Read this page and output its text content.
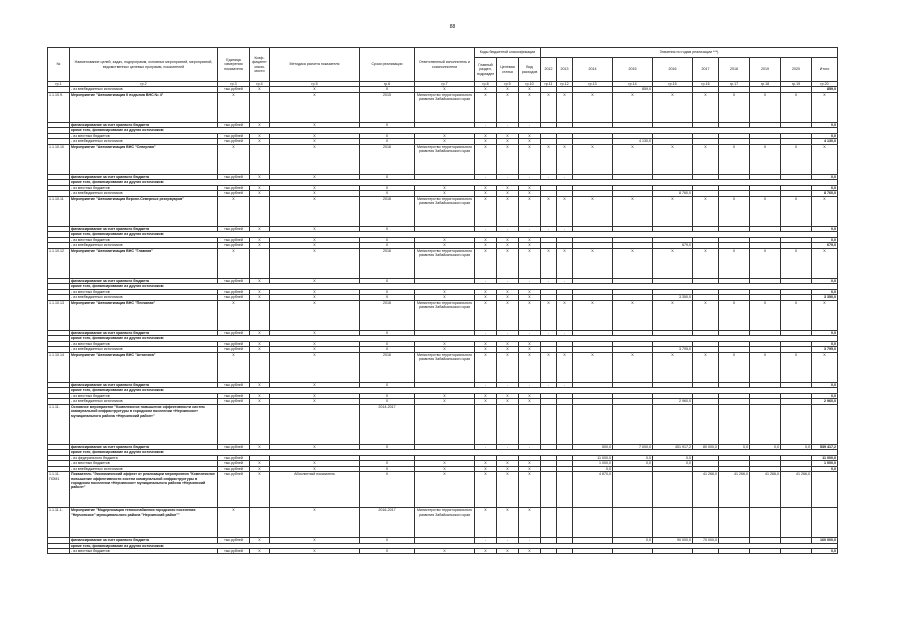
88
№	Наименование целей, задач, подпрограмм, основных мероприятий, мероприятий, ведомственных целевых программ, показателей	Единица измерения показателя	Коэф-фициент значи-мости	Методика расчета показателя	Сроки реализации	Ответственный исполнитель и соисполнители	Коды бюджетной классификации			Значения по годам реализации ***)									
							Главный раздел, подраздел	Целевая статья	Вид расходов	2012	2013	2014	2015	2016	2017	2018	2019	2020	Итого
гр.1	гр.2	гр.3	гр.4	гр.5	гр.6	гр.7	гр.8	гр.9	гр.10	гр.11	гр.12	гр.13	гр.14	гр.15	гр.16	гр.17	гр.18	гр.19	гр.20
	- из внебюджетных источников	тыс.рублей	Х	Х	Х	Х	Х	Х	Х				859,0						859,0
1.1.10.9.	Мероприятие "Автоматизация II подъема ВНС № 4"	Х		Х	2015	Министерство территориального развития Забайкальского края	Х	Х	Х	Х	Х	Х	Х	Х	Х	Х	Х	Х	Х
	финансирование за счет краевого бюджета	тыс.рублей	Х	Х	Х		-	-	-										0,0
	кроме того, финансирование из других источников:																		
	- из местных бюджетов	тыс.рублей	Х	Х	Х	Х	Х	Х	Х										0,0
	- из внебюджетных источников	тыс.рублей	Х	Х	Х	Х	Х	Х	Х				4 130,0						4 130,0
1.1.10.10	Мероприятие "Автоматизация ВНС "Северная"	Х		Х	2016	Министерство территориального развития Забайкальского края	Х	Х	Х	Х	Х	Х	Х	Х	Х	Х	Х	Х	Х
	финансирование за счет краевого бюджета	тыс.рублей	Х	Х	Х		-	-	-	-	-								0,0
	кроме того, финансирование из других источников:																		
	- из местных бюджетов	тыс.рублей	Х	Х	Х	Х	Х	Х	Х										0,0
	- из внебюджетных источников	тыс.рублей	Х	Х	Х	Х	Х	Х	Х					8 760,0					8 760,0
1.1.10.11	Мероприятие "Автоматизация Верхне-Северных резервуаров"	Х		Х	2016	Министерство территориального развития Забайкальского края	Х	Х	Х	Х	Х	Х	Х	Х	Х	Х	Х	Х	Х
	финансирование за счет краевого бюджета	тыс.рублей	Х	Х	Х		-	-	-	-	-								0,0
	кроме того, финансирование из других источников:																		
	- из местных бюджетов	тыс.рублей	Х	Х	Х	Х	Х	Х	Х										0,0
	- из внебюджетных источников	тыс.рублей	Х	Х	Х	Х	Х	Х	Х					679,0					679,0
1.1.10.12	Мероприятие "Автоматизация ВНС "Главная"	Х		Х	2016	Министерство территориального развития Забайкальского края	Х	Х	Х	Х	Х	Х	Х	Х	Х	Х	Х	Х	Х
	финансирование за счет краевого бюджета	тыс.рублей	Х	Х	Х		-	-	-	-	-								0,0
	кроме того, финансирование из других источников:																		
	- из местных бюджетов	тыс.рублей	Х	Х	Х	Х	Х	Х	Х										0,0
	- из внебюджетных источников	тыс.рублей	Х	Х	Х	Х	Х	Х	Х					3 350,0					3 350,0
1.1.10.13	Мероприятие "Автоматизация ВНС "Песчаная"	Х		Х	2016	Министерство территориального развития Забайкальского края	Х	Х	Х	Х	Х	Х	Х	Х	Х	Х	Х	Х	Х
	финансирование за счет краевого бюджета	тыс.рублей	Х	Х	Х		-	-	-	-	-								0,0
	кроме того, финансирование из других источников:																		
	- из местных бюджетов	тыс.рублей	Х	Х	Х	Х	Х	Х	Х										0,0
	- из внебюджетных источников	тыс.рублей	Х	Х	Х	Х	Х	Х	Х					3 795,0					3 795,0
1.1.10.14	Мероприятие "Автоматизация ВНС "Антипиха"	Х		Х	2016	Министерство территориального развития Забайкальского края	Х	Х	Х	Х	Х	Х	Х	Х	Х	Х	Х	Х	Х
	финансирование за счет краевого бюджета	тыс.рублей	Х	Х	Х		-	-	-	-	-								0,0
	кроме того, финансирование из других источников:																		
	- из местных бюджетов	тыс.рублей	Х	Х	Х	Х	Х	Х	Х										0,0
	- из внебюджетных источников	тыс.рублей	Х	Х	Х	Х	Х	Х	Х					2 960,0					2 960,0
1.1.11.	Основное мероприятие "Комплексное повышение эффективности систем коммунальной инфраструктуры в городском поселении «Нерчинское» муниципального района «Нерчинский район»"				2014-2017														
	финансирование за счет краевого бюджета	тыс.рублей	Х	Х	Х		-	-	-			500,0	7 000,0	451 917,2	80 000,0	0,0	0,0	0,0	539 417,2
	кроме того, финансирование из других источников:																		
	- из федерального бюджета	тыс.рублей										11 000,0	0,0	0,0					11 000,0
	- из местных бюджетов	тыс.рублей	Х	Х	Х	Х	Х	Х	Х			1 000,0	0,0	0,0					1 000,0
	- из внебюджетных источников	тыс.рублей	Х	Х	Х	Х	Х	Х	Х			0,0							0,0
1.1.11. ПОМ1	Показатель "Экономический эффект от реализации мероприятия "Комплексное повышение эффективности систем коммунальной инфраструктуры в городском поселении «Нерчинское» муниципального района «Нерчинский район»"	тыс.рублей	Х	Абсолютный показатель	Х	Х	Х	Х	Х			4 870,0			41 266,0	41 266,0	41 266,0	41 266,0	
1.1.11.1.	Мероприятие "Модернизация теплоснабжения городского поселения "Нерчинское" муниципального района "Нерчинский район""	Х		Х	2016-2017	Министерство территориального развития Забайкальского края	Х	Х	Х										
	финансирование за счет краевого бюджета	тыс.рублей	Х	Х	Х		-	-	-				0,0	90 000,0	70 000,0				160 000,0
	кроме того, финансирование из других источников:																		
	- из местных бюджетов	тыс.рублей	Х	Х	Х	Х	Х	Х	Х										0,0
